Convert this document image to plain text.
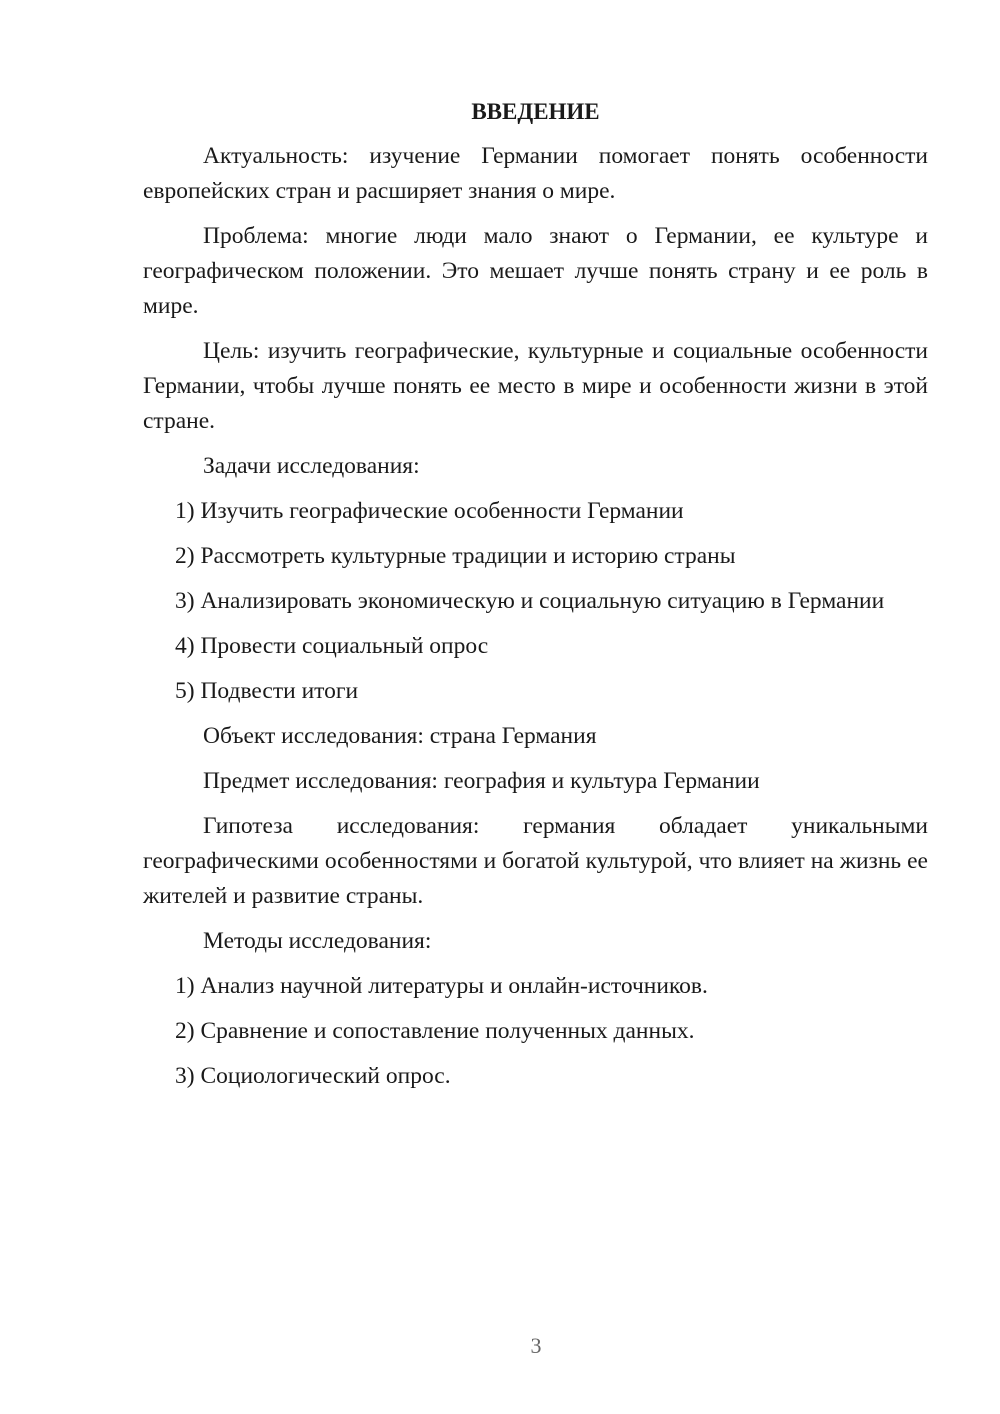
ВВЕДЕНИЕ
Актуальность: изучение Германии помогает понять особенности европейских стран и расширяет знания о мире.
Проблема: многие люди мало знают о Германии, ее культуре и географическом положении. Это мешает лучше понять страну и ее роль в мире.
Цель: изучить географические, культурные и социальные особенности Германии, чтобы лучше понять ее место в мире и особенности жизни в этой стране.
Задачи исследования:
1) Изучить географические особенности Германии
2) Рассмотреть культурные традиции и историю страны
3) Анализировать экономическую и социальную ситуацию в Германии
4) Провести социальный опрос
5) Подвести итоги
Объект исследования: страна Германия
Предмет исследования: география и культура Германии
Гипотеза исследования: германия обладает уникальными географическими особенностями и богатой культурой, что влияет на жизнь ее жителей и развитие страны.
Методы исследования:
1) Анализ научной литературы и онлайн-источников.
2) Сравнение и сопоставление полученных данных.
3) Социологический опрос.
3
